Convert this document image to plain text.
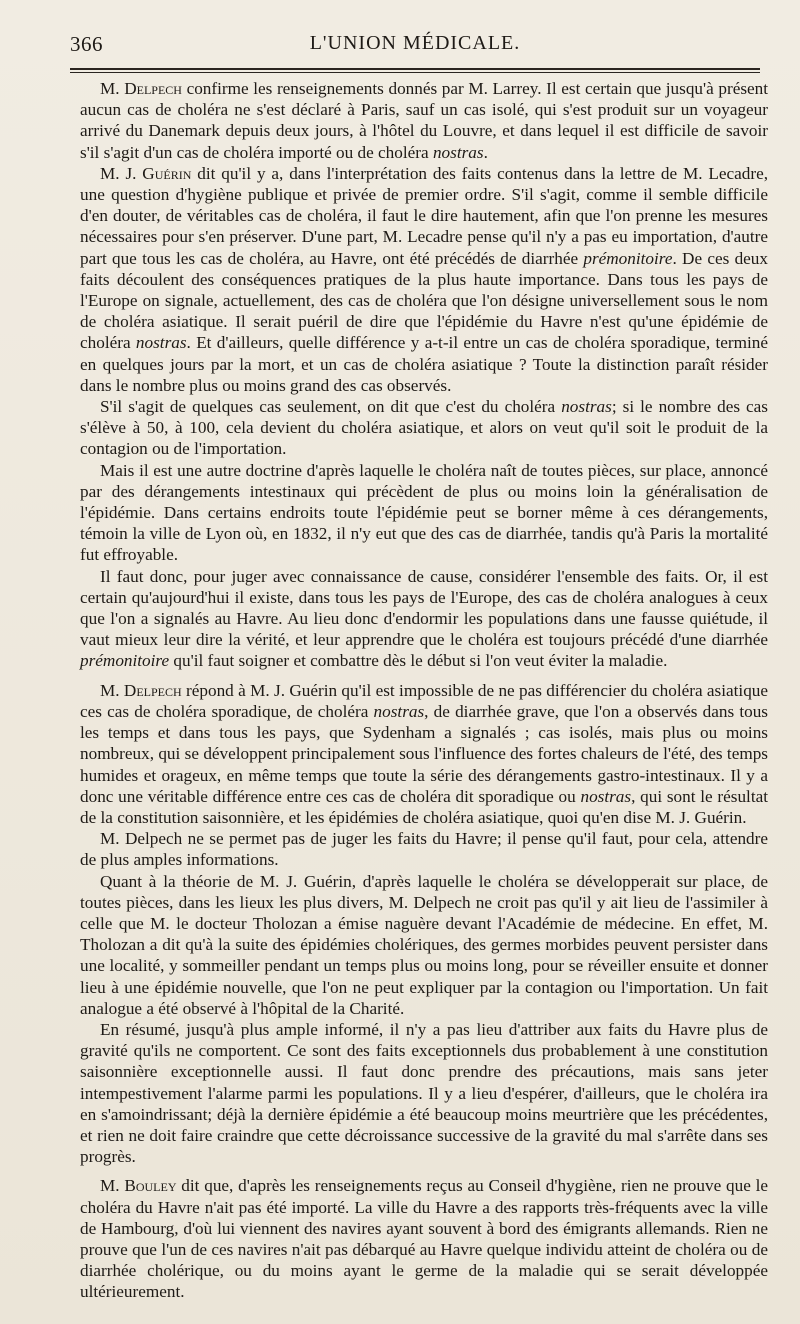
366	L'UNION MÉDICALE.

M. Delpech confirme les renseignements donnés par M. Larrey. Il est certain que jusqu'à présent aucun cas de choléra ne s'est déclaré à Paris, sauf un cas isolé, qui s'est produit sur un voyageur arrivé du Danemark depuis deux jours, à l'hôtel du Louvre, et dans lequel il est difficile de savoir s'il s'agit d'un cas de choléra importé ou de choléra nostras.

M. J. Guérin dit qu'il y a, dans l'interprétation des faits contenus dans la lettre de M. Lecadre, une question d'hygiène publique et privée de premier ordre. S'il s'agit, comme il semble difficile d'en douter, de véritables cas de choléra, il faut le dire hautement, afin que l'on prenne les mesures nécessaires pour s'en préserver. D'une part, M. Lecadre pense qu'il n'y a pas eu importation, d'autre part que tous les cas de choléra, au Havre, ont été précédés de diarrhée prémonitoire. De ces deux faits découlent des conséquences pratiques de la plus haute importance. Dans tous les pays de l'Europe on signale, actuellement, des cas de choléra que l'on désigne universellement sous le nom de choléra asiatique. Il serait puéril de dire que l'épidémie du Havre n'est qu'une épidémie de choléra nostras. Et d'ailleurs, quelle différence y a-t-il entre un cas de choléra sporadique, terminé en quelques jours par la mort, et un cas de choléra asiatique ? Toute la distinction paraît résider dans le nombre plus ou moins grand des cas observés.

S'il s'agit de quelques cas seulement, on dit que c'est du choléra nostras; si le nombre des cas s'élève à 50, à 100, cela devient du choléra asiatique, et alors on veut qu'il soit le produit de la contagion ou de l'importation.

Mais il est une autre doctrine d'après laquelle le choléra naît de toutes pièces, sur place, annoncé par des dérangements intestinaux qui précèdent de plus ou moins loin la généralisation de l'épidémie. Dans certains endroits toute l'épidémie peut se borner même à ces dérangements, témoin la ville de Lyon où, en 1832, il n'y eut que des cas de diarrhée, tandis qu'à Paris la mortalité fut effroyable.

Il faut donc, pour juger avec connaissance de cause, considérer l'ensemble des faits. Or, il est certain qu'aujourd'hui il existe, dans tous les pays de l'Europe, des cas de choléra analogues à ceux que l'on a signalés au Havre. Au lieu donc d'endormir les populations dans une fausse quiétude, il vaut mieux leur dire la vérité, et leur apprendre que le choléra est toujours précédé d'une diarrhée prémonitoire qu'il faut soigner et combattre dès le début si l'on veut éviter la maladie.

M. Delpech répond à M. J. Guérin qu'il est impossible de ne pas différencier du choléra asiatique ces cas de choléra sporadique, de choléra nostras, de diarrhée grave, que l'on a observés dans tous les temps et dans tous les pays, que Sydenham a signalés ; cas isolés, mais plus ou moins nombreux, qui se développent principalement sous l'influence des fortes chaleurs de l'été, des temps humides et orageux, en même temps que toute la série des dérangements gastro-intestinaux. Il y a donc une véritable différence entre ces cas de choléra dit sporadique ou nostras, qui sont le résultat de la constitution saisonnière, et les épidémies de choléra asiatique, quoi qu'en dise M. J. Guérin.

M. Delpech ne se permet pas de juger les faits du Havre; il pense qu'il faut, pour cela, attendre de plus amples informations.

Quant à la théorie de M. J. Guérin, d'après laquelle le choléra se développerait sur place, de toutes pièces, dans les lieux les plus divers, M. Delpech ne croit pas qu'il y ait lieu de l'assimiler à celle que M. le docteur Tholozan a émise naguère devant l'Académie de médecine. En effet, M. Tholozan a dit qu'à la suite des épidémies cholériques, des germes morbides peuvent persister dans une localité, y sommeiller pendant un temps plus ou moins long, pour se réveiller ensuite et donner lieu à une épidémie nouvelle, que l'on ne peut expliquer par la contagion ou l'importation. Un fait analogue a été observé à l'hôpital de la Charité.

En résumé, jusqu'à plus ample informé, il n'y a pas lieu d'attriber aux faits du Havre plus de gravité qu'ils ne comportent. Ce sont des faits exceptionnels dus probablement à une constitution saisonnière exceptionnelle aussi. Il faut donc prendre des précautions, mais sans jeter intempestivement l'alarme parmi les populations. Il y a lieu d'espérer, d'ailleurs, que le choléra ira en s'amoindrissant; déjà la dernière épidémie a été beaucoup moins meurtrière que les précédentes, et rien ne doit faire craindre que cette décroissance successive de la gravité du mal s'arrête dans ses progrès.

M. Bouley dit que, d'après les renseignements reçus au Conseil d'hygiène, rien ne prouve que le choléra du Havre n'ait pas été importé. La ville du Havre a des rapports très-fréquents avec la ville de Hambourg, d'où lui viennent des navires ayant souvent à bord des émigrants allemands. Rien ne prouve que l'un de ces navires n'ait pas débarqué au Havre quelque individu atteint de choléra ou de diarrhée cholérique, ou du moins ayant le germe de la maladie qui se serait développée ultérieurement.
